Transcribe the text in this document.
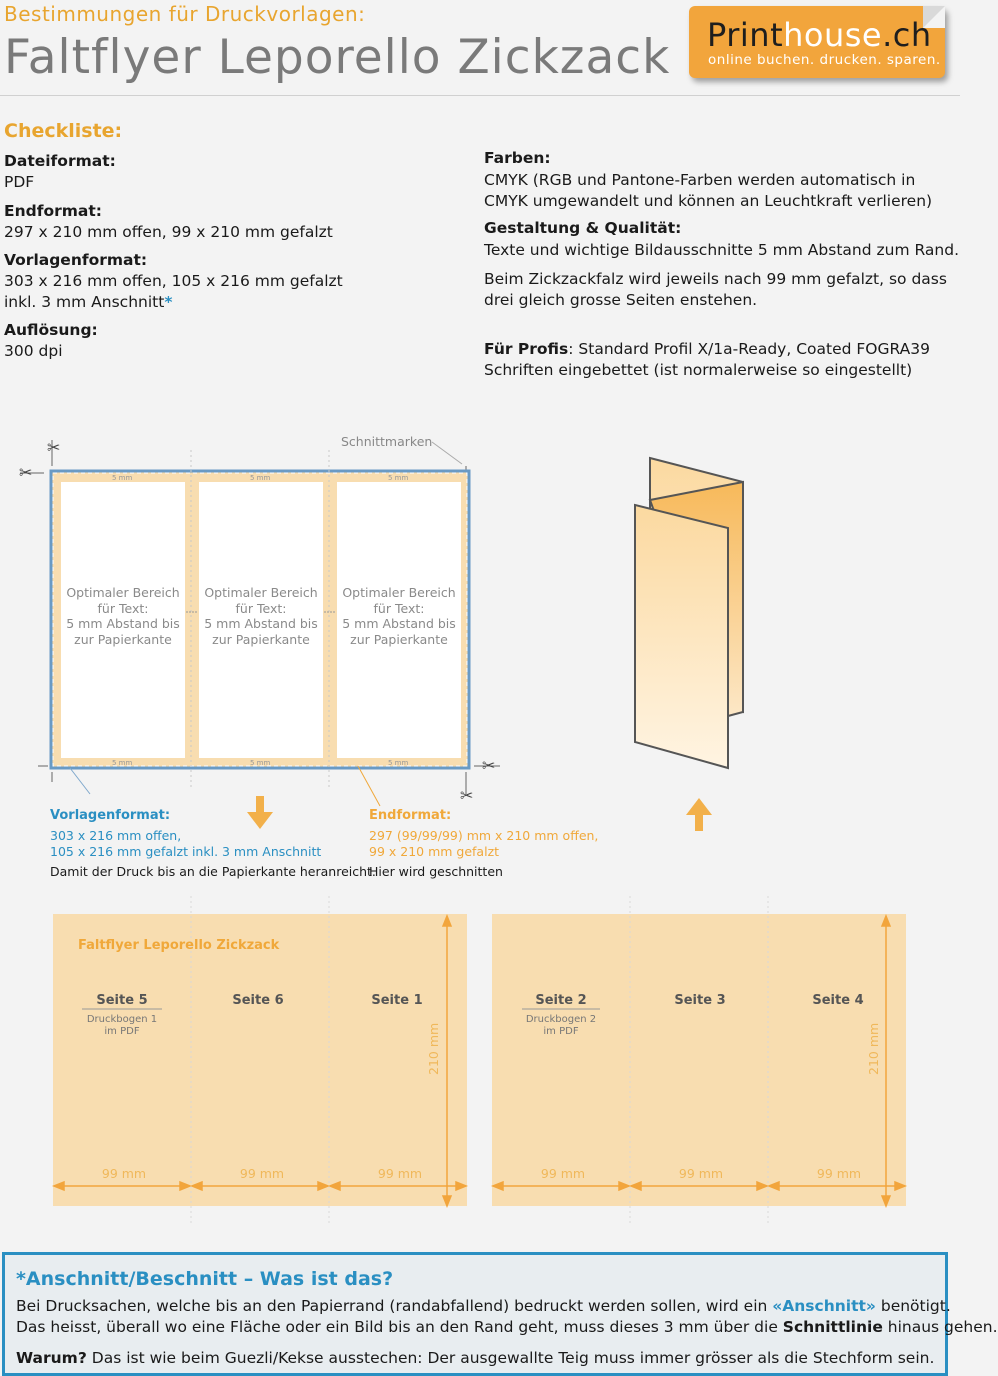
Bestimmungen für Druckvorlagen:
Faltflyer Leporello Zickzack Printhouse.ch
online buchen. drucken. sparen.
Checkliste:
Dateiformat:
PDF
Endformat:
297 x 210 mm offen, 99 x 210 mm gefalzt
Vorlagenformat:
303 x 216 mm offen, 105 x 216 mm gefalzt
inkl. 3 mm Anschnitt*
Auflösung:
300 dpi
Farben:
CMYK (RGB und Pantone-Farben werden automatisch in
CMYK umgewandelt und können an Leuchtkraft verlieren)
Gestaltung & Qualität:
Texte und wichtige Bildausschnitte 5 mm Abstand zum Rand.
Beim Zickzackfalz wird jeweils nach 99 mm gefalzt, so dass
drei gleich grosse Seiten enstehen.
Für Profis: Standard Profil X/1a-Ready, Coated FOGRA39
Schriften eingebettet (ist normalerweise so eingestellt)
Schnittmarken
✂
✂
✂
✂
5 mm	5 mm	5 mm
5 mm	5 mm	5 mm
Optimaler Bereich
für Text:
5 mm Abstand bis
zur Papierkante
Optimaler Bereich
für Text:
5 mm Abstand bis
zur Papierkante
Optimaler Bereich
für Text:
5 mm Abstand bis
zur Papierkante
Vorlagenformat:
303 x 216 mm offen,
105 x 216 mm gefalzt inkl. 3 mm Anschnitt
Damit der Druck bis an die Papierkante heranreicht.
Endformat:
297 (99/99/99) mm x 210 mm offen,
99 x 210 mm gefalzt
Hier wird geschnitten
Faltflyer Leporello Zickzack
Seite 5	Seite 6	Seite 1	Seite 2	Seite 3	Seite 4
Druckbogen 1
im PDF
Druckbogen 2
im PDF
99 mm	99 mm	99 mm	99 mm	99 mm	99 mm
210 mm	210 mm
*Anschnitt/Beschnitt – Was ist das?
Bei Drucksachen, welche bis an den Papierrand (randabfallend) bedruckt werden sollen, wird ein «Anschnitt» benötigt.
Das heisst, überall wo eine Fläche oder ein Bild bis an den Rand geht, muss dieses 3 mm über die Schnittlinie hinaus gehen.
Warum? Das ist wie beim Guezli/Kekse ausstechen: Der ausgewallte Teig muss immer grösser als die Stechform sein.
